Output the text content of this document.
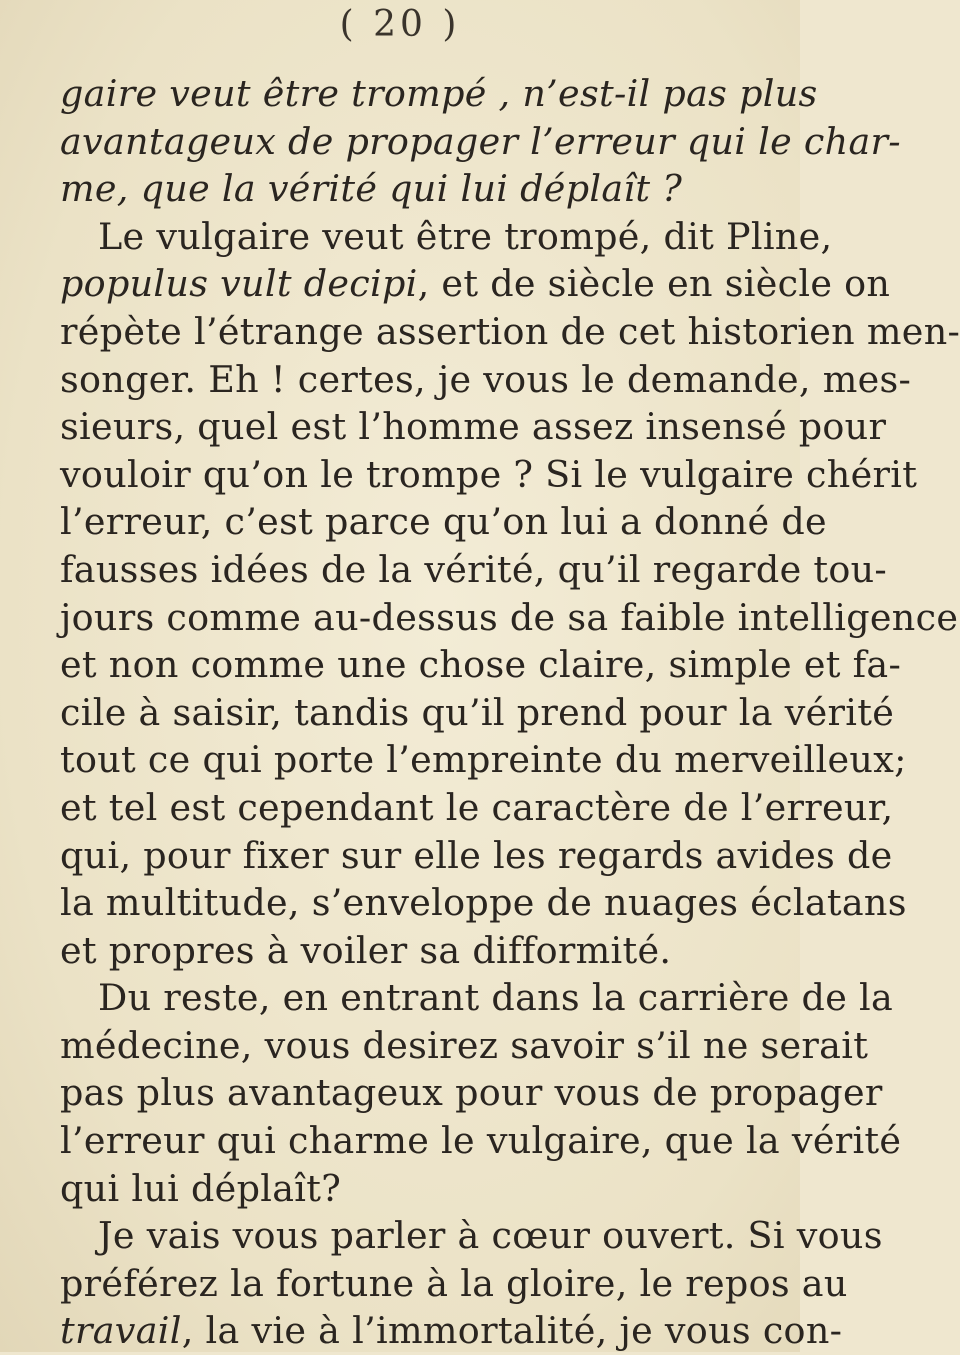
( 20 )
gaire veut être trompé , n’est-il pas plus
avantageux de propager l’erreur qui le char-
me, que la vérité qui lui déplaît ?
Le vulgaire veut être trompé, dit Pline,
populus vult decipi, et de siècle en siècle on
répète l’étrange assertion de cet historien men-
songer. Eh ! certes, je vous le demande, mes-
sieurs, quel est l’homme assez insensé pour
vouloir qu’on le trompe ? Si le vulgaire chérit
l’erreur, c’est parce qu’on lui a donné de
fausses idées de la vérité, qu’il regarde tou-
jours comme au-dessus de sa faible intelligence
et non comme une chose claire, simple et fa-
cile à saisir, tandis qu’il prend pour la vérité
tout ce qui porte l’empreinte du merveilleux;
et tel est cependant le caractère de l’erreur,
qui, pour fixer sur elle les regards avides de
la multitude, s’enveloppe de nuages éclatans
et propres à voiler sa difformité.
Du reste, en entrant dans la carrière de la
médecine, vous desirez savoir s’il ne serait
pas plus avantageux pour vous de propager
l’erreur qui charme le vulgaire, que la vérité
qui lui déplaît?
Je vais vous parler à cœur ouvert. Si vous
préférez la fortune à la gloire, le repos au
travail, la vie à l’immortalité, je vous con-
